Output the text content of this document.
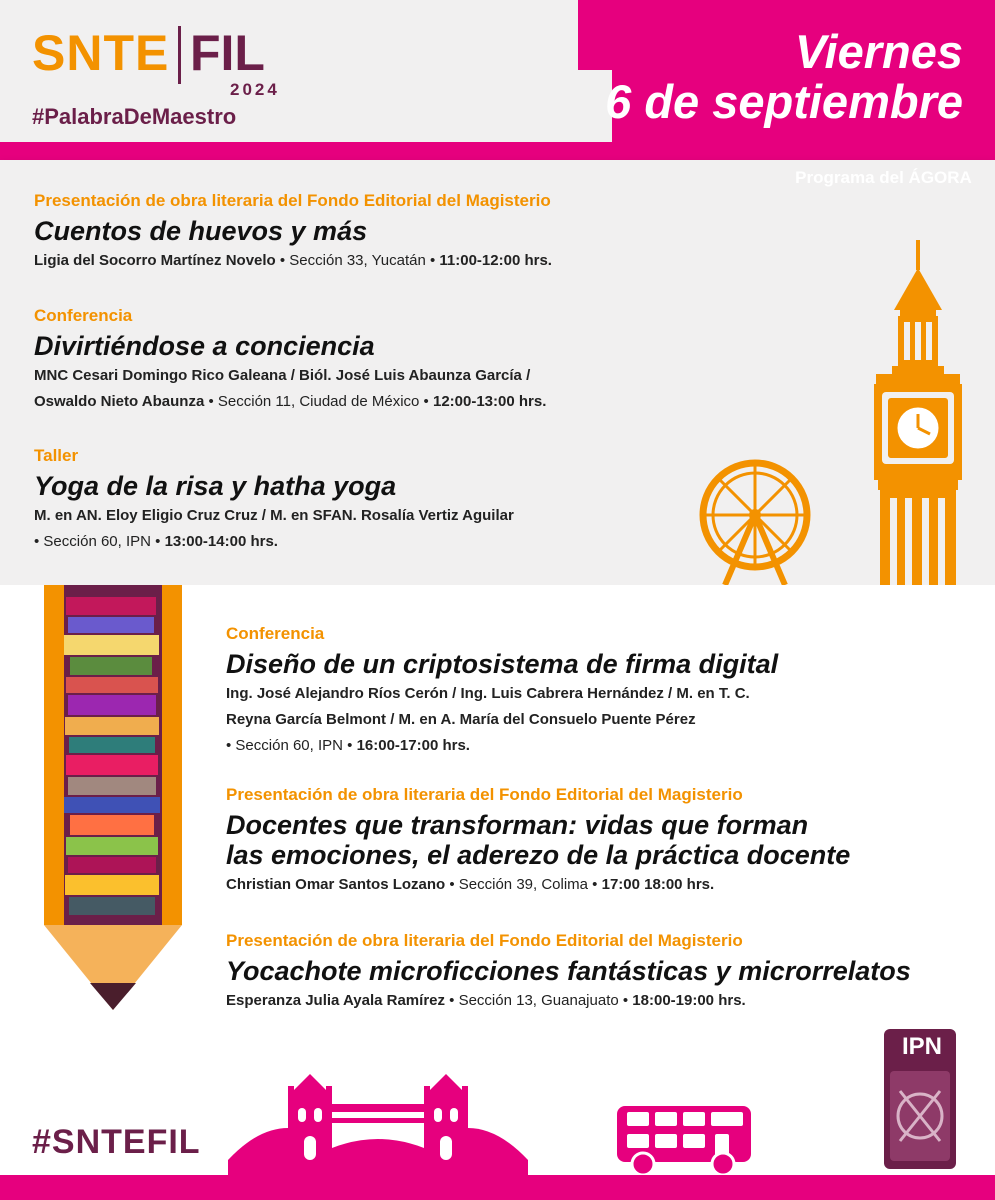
SNTE FIL
2024
#PalabraDeMaestro
Viernes
6 de septiembre
Presentación de obra literaria del Fondo Editorial del Magisterio
Cuentos de huevos y más
Ligia del Socorro Martínez Novelo • Sección 33, Yucatán • 11:00-12:00 hrs.
Conferencia
Divirtiéndose a conciencia
MNC Cesari Domingo Rico Galeana / Biól. José Luis Abaunza García /
Oswaldo Nieto Abaunza • Sección 11, Ciudad de México • 12:00-13:00 hrs.
Taller
Yoga de la risa y hatha yoga
M. en AN. Eloy Eligio Cruz Cruz / M. en SFAN. Rosalía Vertiz Aguilar
• Sección 60, IPN • 13:00-14:00 hrs.
Programa del ÁGORA
Conferencia
Diseño de un criptosistema de firma digital
Ing. José Alejandro Ríos Cerón / Ing. Luis Cabrera Hernández / M. en T. C.
Reyna García Belmont / M. en A. María del Consuelo Puente Pérez
• Sección 60, IPN • 16:00-17:00 hrs.
Presentación de obra literaria del Fondo Editorial del Magisterio
Docentes que transforman: vidas que forman
las emociones, el aderezo de la práctica docente
Christian Omar Santos Lozano • Sección 39, Colima • 17:00 18:00 hrs.
Presentación de obra literaria del Fondo Editorial del Magisterio
Yocachote microficciones fantásticas y microrrelatos
Esperanza Julia Ayala Ramírez • Sección 13, Guanajuato • 18:00-19:00 hrs.
IPN
#SNTEFIL
